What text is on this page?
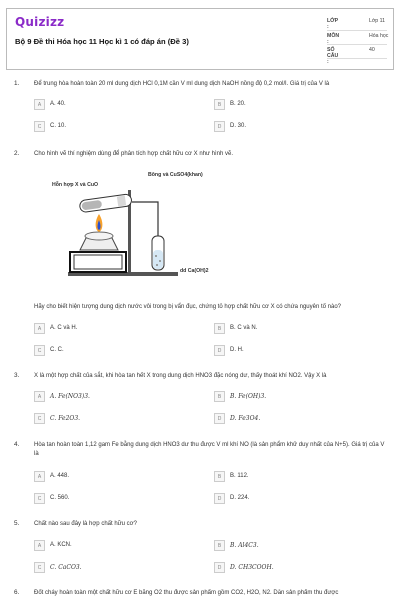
Quizizz
Bộ 9 Đề thi Hóa học 11 Học kì 1 có đáp án (Đề 3)
LỚP :
Lớp 11
MÔN :
Hóa học
SỐ CÂU :
40
1. Để trung hòa hoàn toàn 20 ml dung dịch HCl 0,1M cần V ml dung dịch NaOH nồng độ 0,2 mol/l. Giá trị của V là
A	A. 40.	B	B. 20.
C	C. 10.	D	D. 30.
2. Cho hình vẽ thí nghiệm dùng để phân tích hợp chất hữu cơ X như hình vẽ.
Hỗn hợp X và CuO
Bông và CuSO4(khan)
dd Ca(OH)2
Hãy cho biết hiện tượng dung dịch nước vôi trong bị vẩn đục, chứng tỏ hợp chất hữu cơ X có chứa nguyên tố nào?
A	A. C và H.	B	B. C và N.
C	C. C.	D	D. H.
3. X là một hợp chất của sắt, khi hòa tan hết X trong dung dịch HNO3 đặc nóng dư, thấy thoát khí NO2. Vậy X là
A	A. Fe(NO3)3.	B	B. Fe(OH)3.
C	C. Fe2O3.	D	D. Fe3O4.
4. Hòa tan hoàn toàn 1,12 gam Fe bằng dung dịch HNO3 dư thu được V ml khí NO (là sản phẩm khử duy nhất của N+5). Giá trị của V là
A	A. 448.	B	B. 112.
C	C. 560.	D	D. 224.
5. Chất nào sau đây là hợp chất hữu cơ?
A	A. KCN.	B	B. Al4C3.
C	C. CaCO3.	D	D. CH3COOH.
6. Đốt cháy hoàn toàn một chất hữu cơ E bằng O2 thu được sản phẩm gồm CO2, H2O, N2. Dẫn sản phẩm thu được
